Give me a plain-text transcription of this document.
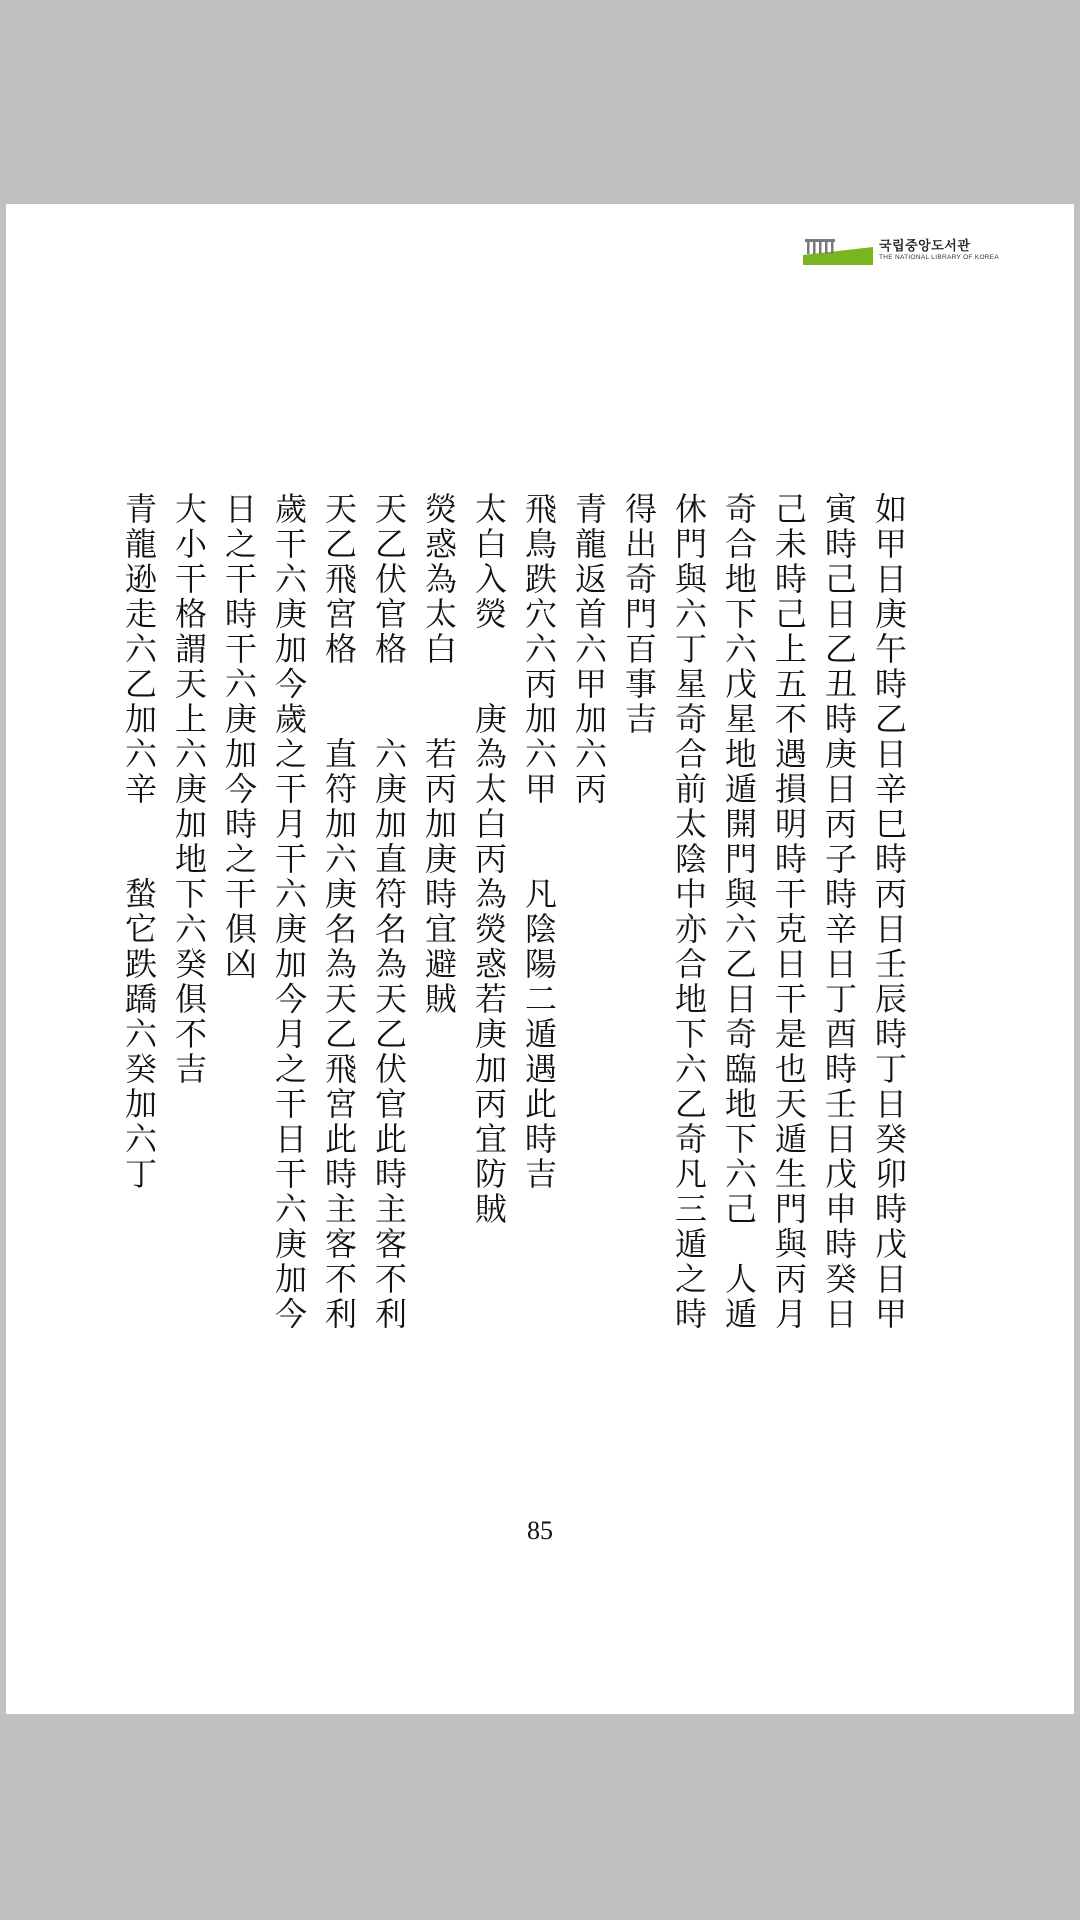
국립중앙도서관
THE NATIONAL LIBRARY OF KOREA
如甲日庚午時乙日辛巳時丙日壬辰時丁日癸卯時戊日甲
寅時己日乙丑時庚日丙子時辛日丁酉時壬日戊申時癸日
己未時己上五不遇損明時干克日干是也天遁生門與丙月
奇合地下六戊星地遁開門與六乙日奇臨地下六己　人遁
休門與六丁星奇合前太陰中亦合地下六乙奇凡三遁之時
得出奇門百事吉
青龍返首六甲加六丙
飛鳥跌穴六丙加六甲　　凡陰陽二遁遇此時吉
太白入熒　　庚為太白丙為熒惑若庚加丙宜防賊
熒惑為太白　　若丙加庚時宜避賊
天乙伏官格　　六庚加直符名為天乙伏官此時主客不利
天乙飛宮格　　直符加六庚名為天乙飛宮此時主客不利
歲干六庚加今歲之干月干六庚加今月之干日干六庚加今
日之干時干六庚加今時之干俱凶
大小干格謂天上六庚加地下六癸俱不吉
青龍逊走六乙加六辛　　蝵它跌蹻六癸加六丁
85
